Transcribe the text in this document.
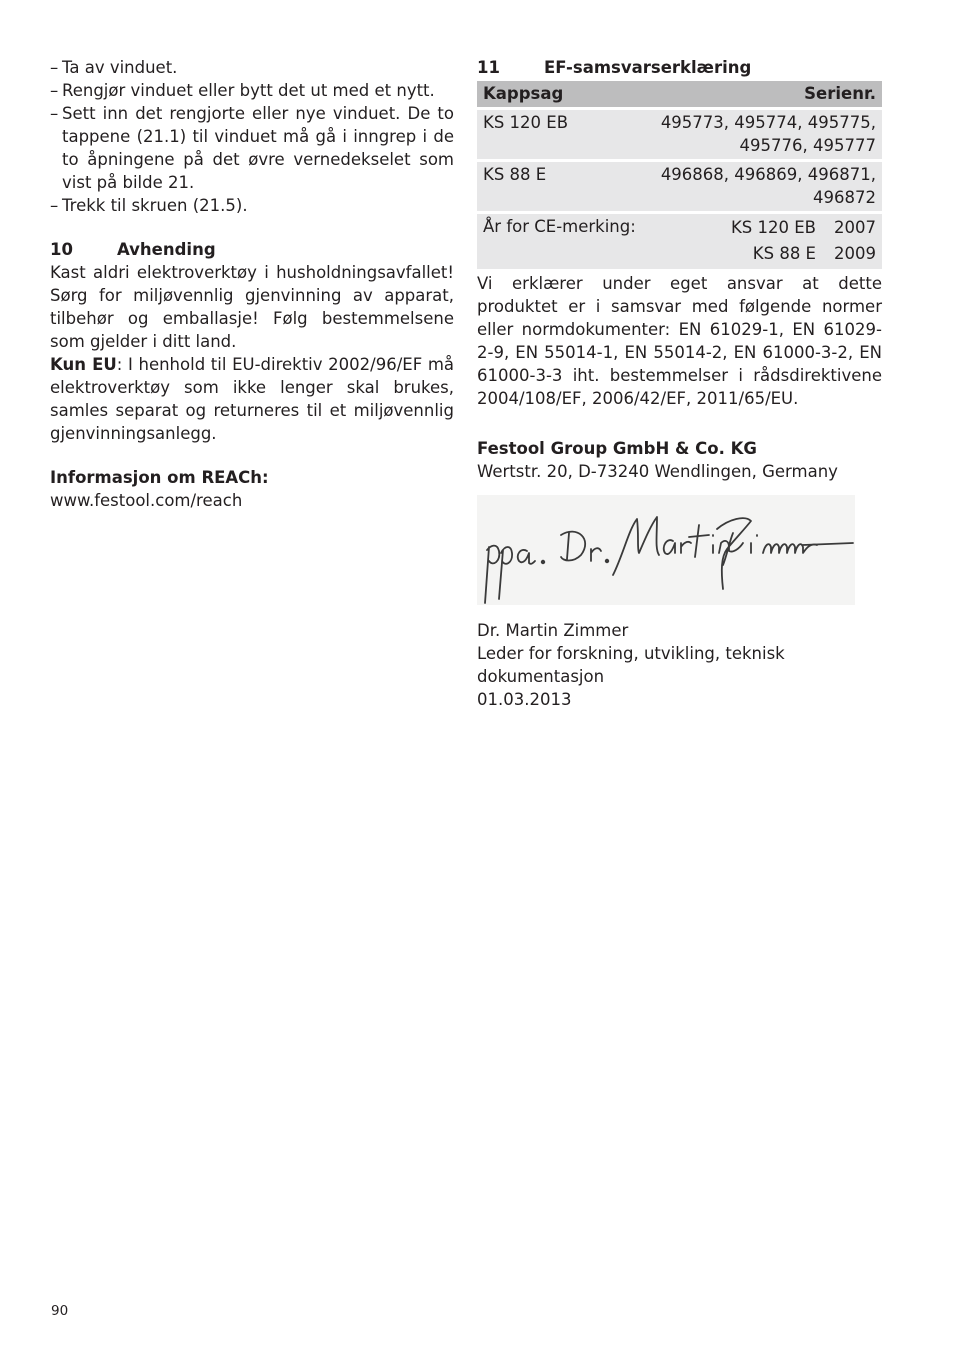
– Ta av vinduet.
– Rengjør vinduet eller bytt det ut med et nytt.
– Sett inn det rengjorte eller nye vinduet. De to tappene (21.1) til vinduet må gå i inngrep i de to åpningene på det øvre vernedekselet som vist på bilde 21.
– Trekk til skruen (21.5).
10	Avhending

Kast aldri elektroverktøy i husholdningsavfallet! Sørg for miljøvennlig gjenvinning av apparat, tilbehør og emballasje! Følg bestemmelsene som gjelder i ditt land.

Kun EU: I henhold til EU-direktiv 2002/96/EF må elektroverktøy som ikke lenger skal brukes, samles separat og returneres til et miljøvennlig gjenvinningsanlegg.

Informasjon om REACh:

www.festool.com/reach

11	EF-samsvarserklæring
Kappsag	Serienr.
KS 120 EB	495773, 495774, 495775,
495776, 495777

KS 88 E	496868, 496869, 496871,
496872

År for CE-merking:	KS 120 EB 2007
KS 88 E 2009

Vi erklærer under eget ansvar at dette produktet er i samsvar med følgende normer eller normdokumenter: EN 61029-1, EN 61029-2-9, EN 55014-1, EN 55014-2, EN 61000-3-2, EN 61000-3-3 iht. bestemmelser i rådsdirektivene 2004/108/EF, 2006/42/EF, 2011/65/EU.

Festool Group GmbH & Co. KG

Wertstr. 20, D-73240 Wendlingen, Germany

Dr. Martin Zimmer

Leder for forskning, utvikling, teknisk dokumentasjon

01.03.2013

90
